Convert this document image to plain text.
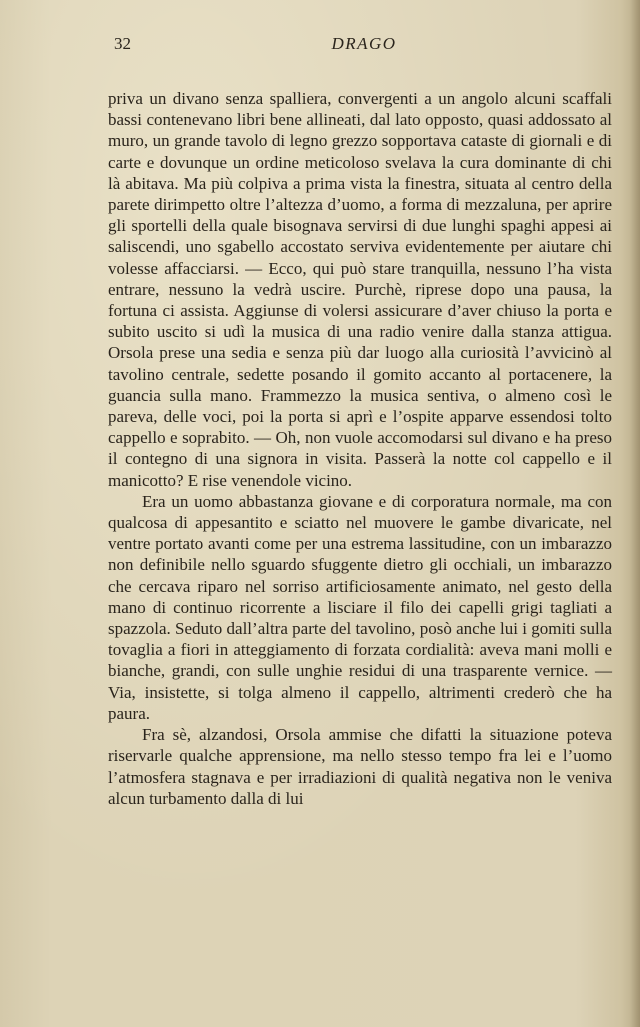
32	DRAGO

priva un divano senza spalliera, convergenti a un angolo alcuni scaffali bassi contenevano libri bene allineati, dal lato opposto, quasi addossato al muro, un grande tavolo di legno grezzo sopportava cataste di giornali e di carte e dovunque un ordine meticoloso svelava la cura dominante di chi là abitava. Ma più colpiva a prima vista la finestra, situata al centro della parete dirimpetto oltre l’altezza d’uomo, a forma di mezzaluna, per aprire gli sportelli della quale bisognava servirsi di due lunghi spaghi appesi ai saliscendi, uno sgabello accostato serviva evidentemente per aiutare chi volesse affacciarsi. — Ecco, qui può stare tranquilla, nessuno l’ha vista entrare, nessuno la vedrà uscire. Purchè, riprese dopo una pausa, la fortuna ci assista. Aggiunse di volersi assicurare d’aver chiuso la porta e subito uscito si udì la musica di una radio venire dalla stanza attigua. Orsola prese una sedia e senza più dar luogo alla curiosità l’avvicinò al tavolino centrale, sedette posando il gomito accanto al portacenere, la guancia sulla mano. Frammezzo la musica sentiva, o almeno così le pareva, delle voci, poi la porta si aprì e l’ospite apparve essendosi tolto cappello e soprabito. — Oh, non vuole accomodarsi sul divano e ha preso il contegno di una signora in visita. Passerà la notte col cappello e il manicotto? E rise venendole vicino.

Era un uomo abbastanza giovane e di corporatura normale, ma con qualcosa di appesantito e sciatto nel muovere le gambe divaricate, nel ventre portato avanti come per una estrema lassitudine, con un imbarazzo non definibile nello sguardo sfuggente dietro gli occhiali, un imbarazzo che cercava riparo nel sorriso artificiosamente animato, nel gesto della mano di continuo ricorrente a lisciare il filo dei capelli grigi tagliati a spazzola. Seduto dall’altra parte del tavolino, posò anche lui i gomiti sulla tovaglia a fiori in atteggiamento di forzata cordialità: aveva mani molli e bianche, grandi, con sulle unghie residui di una trasparente vernice. — Via, insistette, si tolga almeno il cappello, altrimenti crederò che ha paura.

Fra sè, alzandosi, Orsola ammise che difatti la situazione poteva riservarle qualche apprensione, ma nello stesso tempo fra lei e l’uomo l’atmosfera stagnava e per irradiazioni di qualità negativa non le veniva alcun turbamento dalla di lui
